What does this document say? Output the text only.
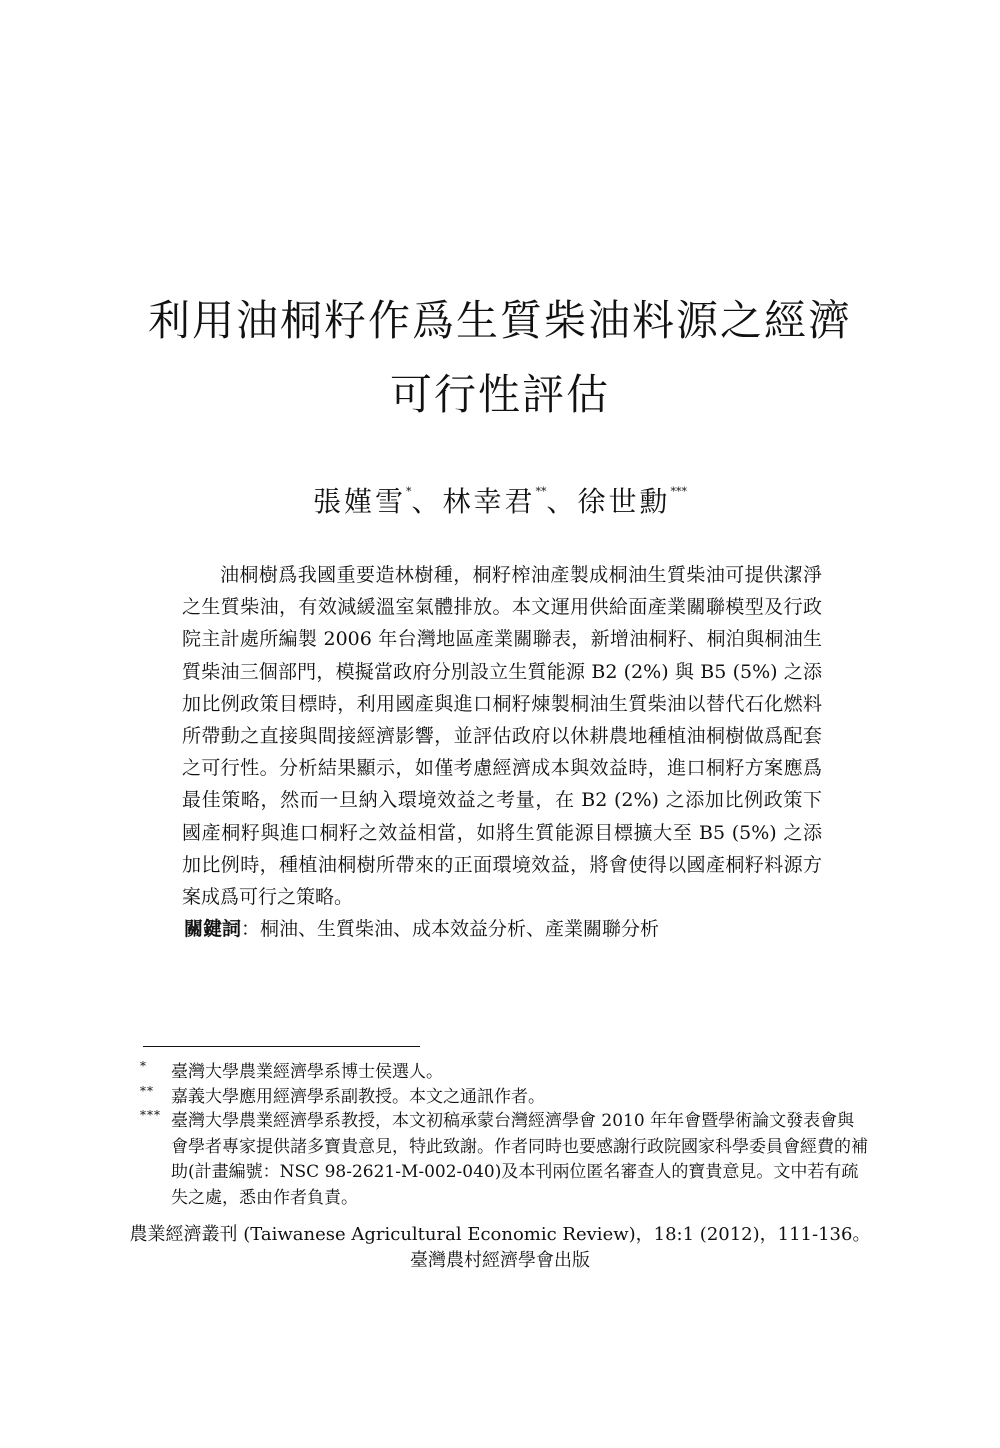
利用油桐籽作爲生質柴油料源之經濟
可行性評估
張嫤雪*、林幸君**、徐世勳***

油桐樹爲我國重要造林樹種，桐籽榨油產製成桐油生質柴油可提供潔淨之生質柴油，有效減緩溫室氣體排放。本文運用供給面產業關聯模型及行政院主計處所編製 2006 年台灣地區產業關聯表，新增油桐籽、桐泊與桐油生質柴油三個部門，模擬當政府分別設立生質能源 B2 (2%) 與 B5 (5%) 之添加比例政策目標時，利用國產與進口桐籽煉製桐油生質柴油以替代石化燃料所帶動之直接與間接經濟影響，並評估政府以休耕農地種植油桐樹做爲配套之可行性。分析結果顯示，如僅考慮經濟成本與效益時，進口桐籽方案應爲最佳策略，然而一旦納入環境效益之考量，在 B2 (2%) 之添加比例政策下國產桐籽與進口桐籽之效益相當，如將生質能源目標擴大至 B5 (5%) 之添加比例時，種植油桐樹所帶來的正面環境效益，將會使得以國產桐籽料源方案成爲可行之策略。

關鍵詞：桐油、生質柴油、成本效益分析、產業關聯分析
* 臺灣大學農業經濟學系博士侯選人。
** 嘉義大學應用經濟學系副教授。本文之通訊作者。
*** 臺灣大學農業經濟學系教授，本文初稿承蒙台灣經濟學會 2010 年年會暨學術論文發表會與會學者專家提供諸多寶貴意見，特此致謝。作者同時也要感謝行政院國家科學委員會經費的補助(計畫編號：NSC 98-2621-M-002-040)及本刊兩位匿名審查人的寶貴意見。文中若有疏失之處，悉由作者負責。
農業經濟叢刊 (Taiwanese Agricultural Economic Review)，18:1 (2012)，111-136。
臺灣農村經濟學會出版
